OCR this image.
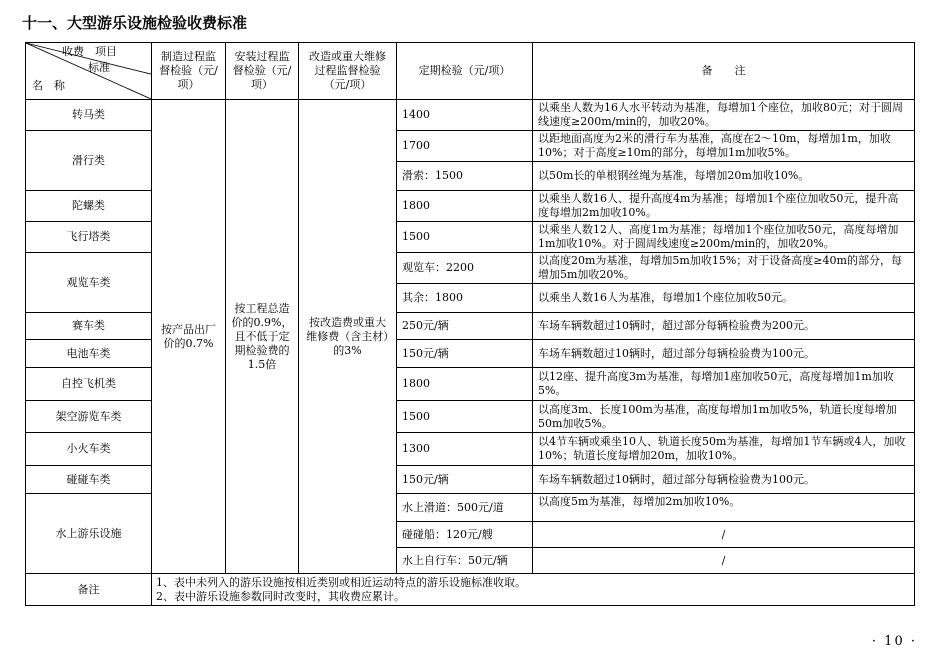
十一、大型游乐设施检验收费标准
收费　项目
标准
名　称	制造过程监督检验（元/项）	安装过程监督检验（元/项）	改造或重大维修过程监督检验（元/项）	定期检验（元/项）	备　　注
转马类	按产品出厂价的0.7%	按工程总造价的0.9%，且不低于定期检验费的1.5倍	按改造费或重大维修费（含主材）的3%	1400	以乘坐人数为16人水平转动为基准，每增加1个座位，加收80元；对于圆周线速度≥200m/min的，加收20%。
滑行类				1700	以距地面高度为2米的滑行车为基准，高度在2～10m，每增加1m，加收10%；对于高度≥10m的部分，每增加1m加收5%。
				滑索：1500	以50m长的单根钢丝绳为基准，每增加20m加收10%。
陀螺类				1800	以乘坐人数16人、提升高度4m为基准；每增加1个座位加收50元，提升高度每增加2m加收10%。
飞行塔类				1500	以乘坐人数12人、高度1m为基准；每增加1个座位加收50元，高度每增加1m加收10%。对于圆周线速度≥200m/min的，加收20%。
观览车类				观览车：2200	以高度20m为基准，每增加5m加收15%；对于设备高度≥40m的部分，每增加5m加收20%。
				其余：1800	以乘坐人数16人为基准，每增加1个座位加收50元。
赛车类				250元/辆	车场车辆数超过10辆时，超过部分每辆检验费为200元。
电池车类				150元/辆	车场车辆数超过10辆时，超过部分每辆检验费为100元。
自控飞机类				1800	以12座、提升高度3m为基准，每增加1座加收50元，高度每增加1m加收5%。
架空游览车类				1500	以高度3m、长度100m为基准，高度每增加1m加收5%，轨道长度每增加50m加收5%。
小火车类				1300	以4节车辆或乘坐10人、轨道长度50m为基准，每增加1节车辆或4人，加收10%；轨道长度每增加20m，加收10%。
碰碰车类				150元/辆	车场车辆数超过10辆时，超过部分每辆检验费为100元。
水上游乐设施				水上滑道：500元/道	以高度5m为基准，每增加2m加收10%。
				碰碰船：120元/艘	/
				水上自行车：50元/辆	/
备注	1、表中未列入的游乐设施按相近类别或相近运动特点的游乐设施标准收取。
2、表中游乐设施参数同时改变时，其收费应累计。				
· 10 ·
